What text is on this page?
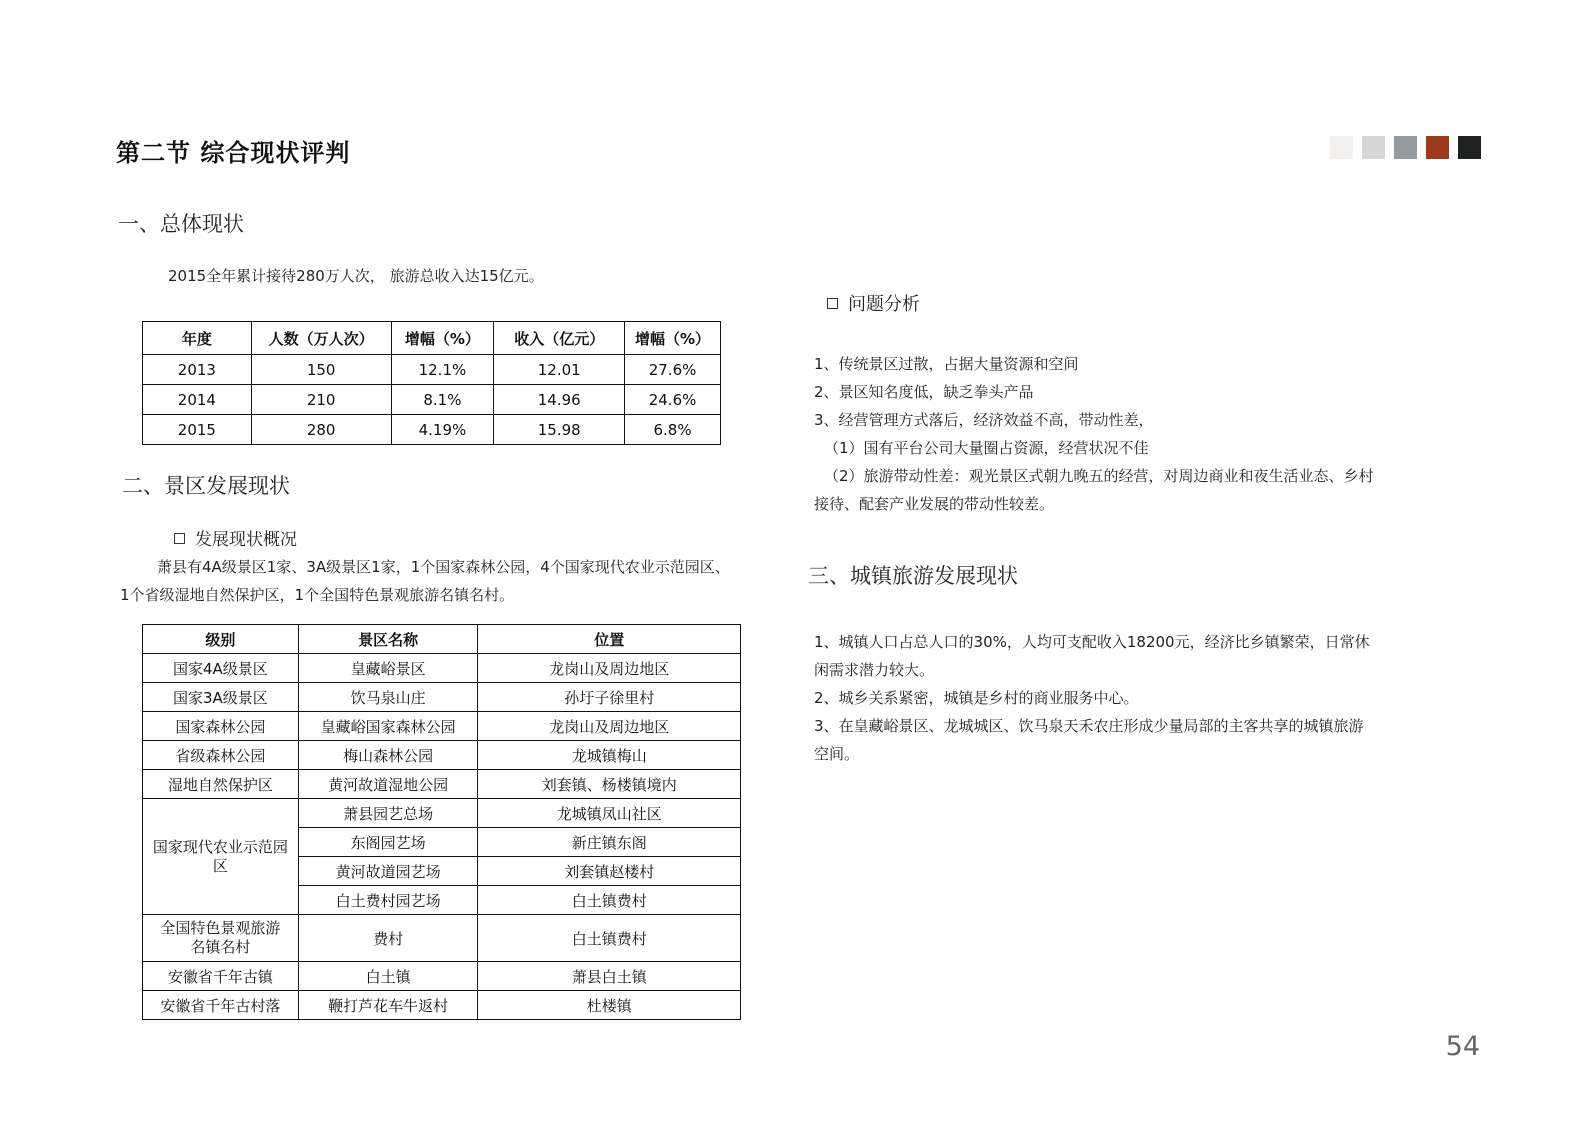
第二节 综合现状评判
一、总体现状
2015全年累计接待280万人次， 旅游总收入达15亿元。
年度	人数（万人次）	增幅（%）	收入（亿元）	增幅（%）
2013	150	12.1%	12.01	27.6%
2014	210	8.1%	14.96	24.6%
2015	280	4.19%	15.98	6.8%
二、景区发展现状
发展现状概况
萧县有4A级景区1家、3A级景区1家，1个国家森林公园，4个国家现代农业示范园区、
1个省级湿地自然保护区，1个全国特色景观旅游名镇名村。
级别	景区名称	位置
国家4A级景区	皇藏峪景区	龙岗山及周边地区
国家3A级景区	饮马泉山庄	孙圩子徐里村
国家森林公园	皇藏峪国家森林公园	龙岗山及周边地区
省级森林公园	梅山森林公园	龙城镇梅山
湿地自然保护区	黄河故道湿地公园	刘套镇、杨楼镇境内
国家现代农业示范园区	萧县园艺总场	龙城镇凤山社区
	东阁园艺场	新庄镇东阁
	黄河故道园艺场	刘套镇赵楼村
	白土费村园艺场	白土镇费村
全国特色景观旅游名镇名村	费村	白土镇费村
安徽省千年古镇	白土镇	萧县白土镇
安徽省千年古村落	鞭打芦花车牛返村	杜楼镇
问题分析

1、传统景区过散，占据大量资源和空间

2、景区知名度低，缺乏拳头产品

3、经营管理方式落后，经济效益不高，带动性差，

（1）国有平台公司大量圈占资源，经营状况不佳

（2）旅游带动性差：观光景区式朝九晚五的经营，对周边商业和夜生活业态、乡村

接待、配套产业发展的带动性较差。

三、城镇旅游发展现状

1、城镇人口占总人口的30%，人均可支配收入18200元，经济比乡镇繁荣，日常休

闲需求潜力较大。

2、城乡关系紧密，城镇是乡村的商业服务中心。

3、在皇藏峪景区、龙城城区、饮马泉天禾农庄形成少量局部的主客共享的城镇旅游

空间。

54
